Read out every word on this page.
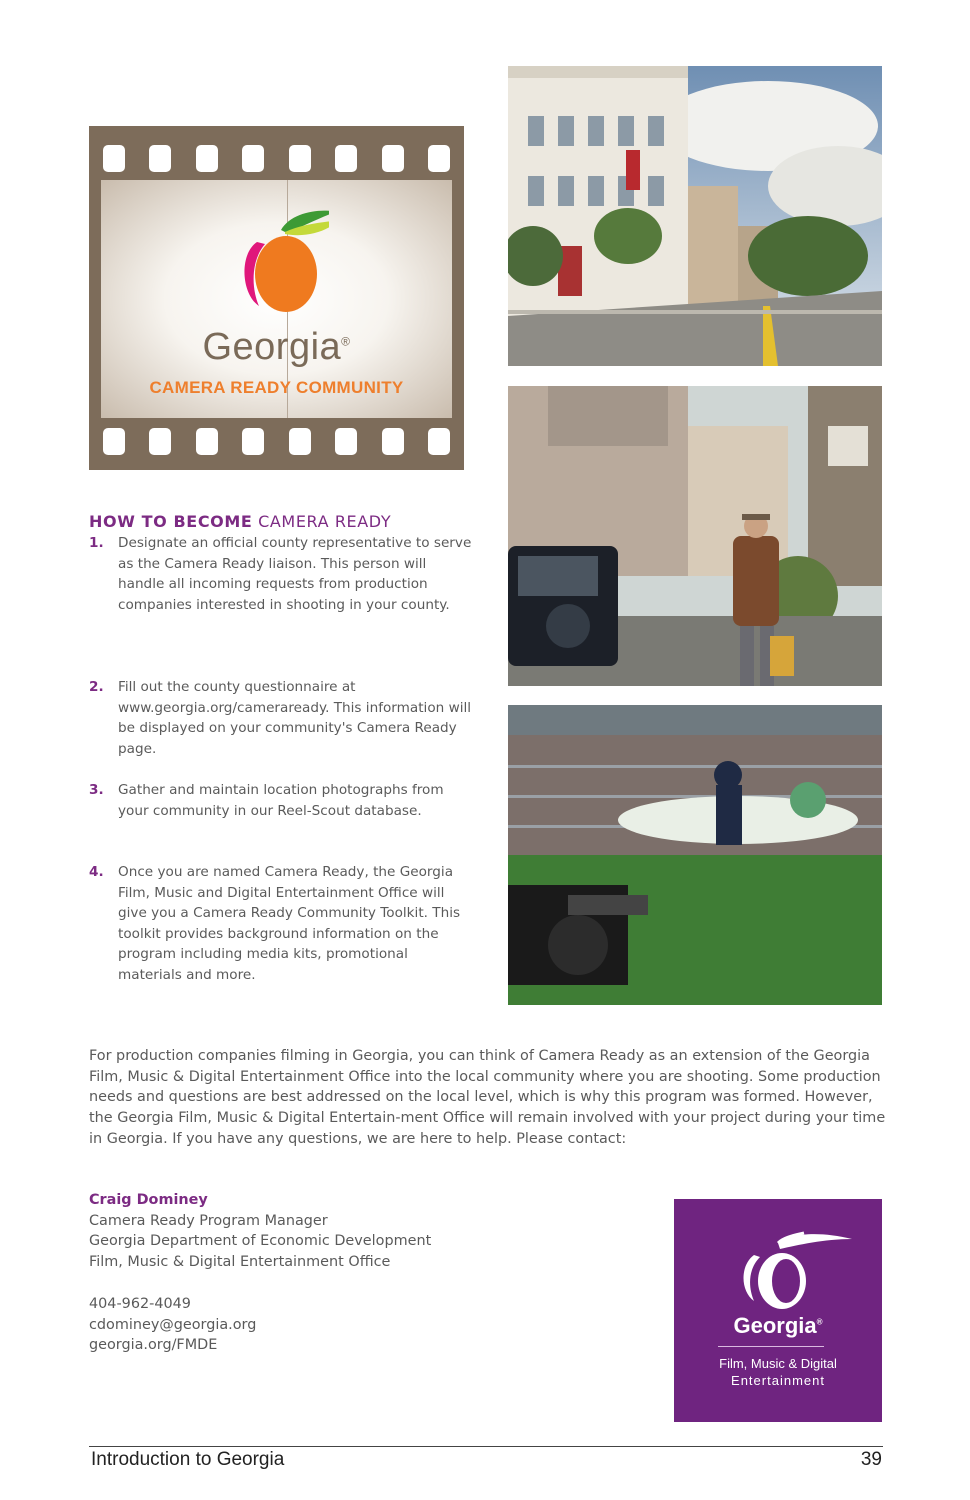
Georgia®
CAMERA READY COMMUNITY
HOW TO BECOME CAMERA READY
1. Designate an official county representative to serve as the Camera Ready liaison. This person will handle all incoming requests from production companies interested in shooting in your county.
2. Fill out the county questionnaire at www.georgia.org/cameraready. This information will be displayed on your community's Camera Ready page.
3. Gather and maintain location photographs from your community in our Reel-Scout database.
4. Once you are named Camera Ready, the Georgia Film, Music and Digital Entertainment Office will give you a Camera Ready Community Toolkit. This toolkit provides background information on the program including media kits, promotional materials and more.
For production companies filming in Georgia, you can think of Camera Ready as an extension of the Georgia Film, Music & Digital Entertainment Office into the local community where you are shooting. Some production needs and questions are best addressed on the local level, which is why this program was formed. However, the Georgia Film, Music & Digital Entertain-ment Office will remain involved with your project during your time in Georgia. If you have any questions, we are here to help. Please contact:
Craig Dominey
Camera Ready Program Manager
Georgia Department of Economic Development
Film, Music & Digital Entertainment Office
404-962-4049
cdominey@georgia.org
georgia.org/FMDE
Georgia®
Film, Music & Digital
Entertainment
Introduction to Georgia	39
